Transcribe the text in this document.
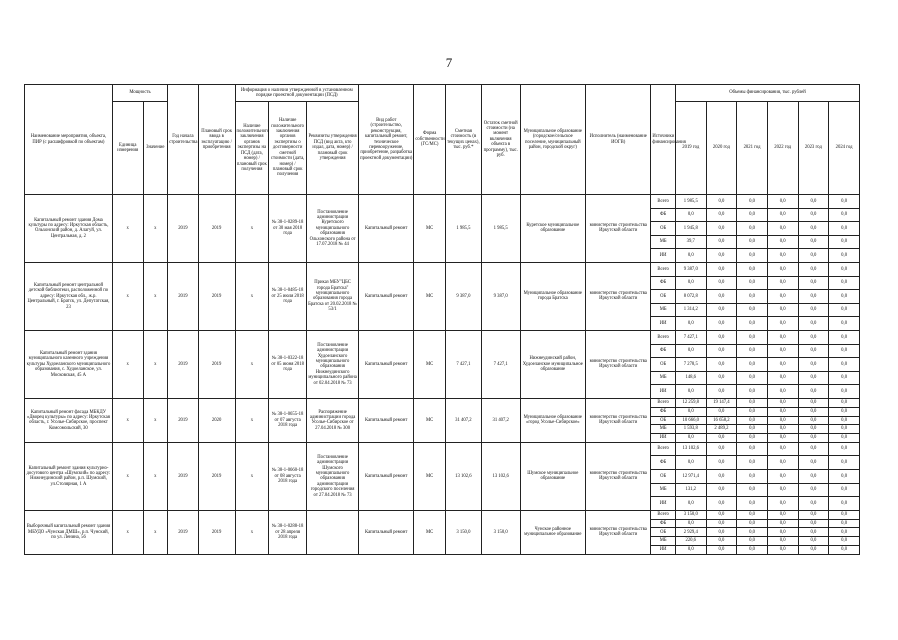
7
Наименование мероприятия, объекта, ПИР (с расшифровкой по объектам)	Мощность		Год начала строительства	Плановый срок ввода в эксплуатацию / приобретения	Информация о наличии утвержденной в установленном порядке проектной документации (ПСД)			Вид работ (строительство, реконструкция, капитальный ремонт, техническое перевооружение, приобретение, разработка проектной документации)	Форма собственности (ГС/МС)	Сметная стоимость (в текущих ценах), тыс. руб.*	Остаток сметной стоимости (на момент включения объекта в программу), тыс. руб.	Муниципальное образование (городское/сельское поселение, муниципальный район, городской округ)	Исполнитель (наименование ИОГВ)	Источники финансирования	Объемы финансирования, тыс. рублей					
	Единица измерения	Значение			Наличие положительного заключения органов экспертизы на ПСД (дата, номер) / плановый срок получения	Наличие положительного заключения органов экспертизы о достоверности сметной стоимости (дата, номер) / плановый срок получения	Реквизиты утверждения ПСД (вид акта, кто издал, дата, номер) / плановый срок утверждения								2019 год	2020 год	2021 год	2022 год	2023 год	2024 год

Капитальный ремонт здания Дома культуры по адресу: Иркутская область, Ольхонский район, д. Алагуй, ул. Центральная, д. 2	х	х	2019	2019	х	№ 38-1-0289-18 от 30 мая 2018 года	Постановление администрации Куретского муниципального образования Ольхонского района от 17.07.2018 № 44	Капитальный ремонт	МС	1 985,5	1 985,5	Куретское муниципальное образование	министерство строительства Иркутской области	Всего	1 985,5	0,0	0,0	0,0	0,0	0,0
														ФБ	0,0	0,0	0,0	0,0	0,0	0,0
														ОБ	1 945,8	0,0	0,0	0,0	0,0	0,0
														МБ	39,7	0,0	0,0	0,0	0,0	0,0
														ИИ	0,0	0,0	0,0	0,0	0,0	0,0
Капитальный ремонт центральной детской библиотеки, расположенной по адресу: Иркутская обл., ж.р. Центральный, г. Братск, ул. Депутатская, 23	х	х	2019	2019	х	№ 38-1-0485-18 от 25 июля 2018 года	Приказ МБУ"ЦБС города Братска" муниципального образования города Братска от 20.02.2018 № 53/1	Капитальный ремонт	МС	9 387,0	9 387,0	Муниципальное образование города Братска	министерство строительства Иркутской области	Всего	9 387,0	0,0	0,0	0,0	0,0	0,0
														ФБ	0,0	0,0	0,0	0,0	0,0	0,0
														ОБ	8 072,8	0,0	0,0	0,0	0,0	0,0
														МБ	1 314,2	0,0	0,0	0,0	0,0	0,0
														ИИ	0,0	0,0	0,0	0,0	0,0	0,0
Капитальный ремонт здания муниципального казенного учреждения культуры Худоеланского муниципального образования, с. Худоеланское, ул. Московская, 45 А	х	х	2019	2019	х	№ 38-1-0322-18 от 05 июня 2018 года	Постановление администрации Худоеланского муниципального образования Нижнеудинского муниципального района от 02.04.2018 № 73	Капитальный ремонт	МС	7 427,1	7 427,1	Нижнеудинский район, Худоеланское муниципальное образование	министерство строительства Иркутской области	Всего	7 427,1	0,0	0,0	0,0	0,0	0,0
														ФБ	0,0	0,0	0,0	0,0	0,0	0,0
														ОБ	7 278,5	0,0	0,0	0,0	0,0	0,0
														МБ	148,6	0,0	0,0	0,0	0,0	0,0
														ИИ	0,0	0,0	0,0	0,0	0,0	0,0
Капитальный ремонт фасада МБКДУ «Дворец культуры» по адресу: Иркутская область, г. Усолье-Сибирское, проспект Комсомольский, 30	х	х	2019	2020	х	№ 38-1-0655-18 от 07 августа 2018 года	Распоряжение администрации города Усолье-Сибирское от 27.04.2018 № 300	Капитальный ремонт	МС	31 407,2	31 407,2	Муниципальное образование «город Усолье-Сибирское»	министерство строительства Иркутской области	Всего	12 259,8	19 147,4	0,0	0,0	0,0	0,0
														ФБ	0,0	0,0	0,0	0,0	0,0	0,0
														ОБ	10 666,0	16 658,2	0,0	0,0	0,0	0,0
														МБ	1 593,8	2 489,2	0,0	0,0	0,0	0,0
														ИИ	0,0	0,0	0,0	0,0	0,0	0,0
Капитальный ремонт здания культурно-досугового центра «Шумский» по адресу: Нижнеудинский район, р.п. Шумский, ул.Столярная, 1 А	х	х	2019	2019	х	№ 38-1-0660-18 от 08 августа 2018 года	Постановление администрации Шумского муниципального образования администрации городского поселения от 27.04.2018 № 73	Капитальный ремонт	МС	13 102,6	13 102,6	Шумское муниципальное образование	министерство строительства Иркутской области	Всего	13 102,6	0,0	0,0	0,0	0,0	0,0
														ФБ	0,0	0,0	0,0	0,0	0,0	0,0
														ОБ	12 971,4	0,0	0,0	0,0	0,0	0,0
														МБ	131,2	0,0	0,0	0,0	0,0	0,0
														ИИ	0,0	0,0	0,0	0,0	0,0	0,0
Выборочный капитальный ремонт здания МБУДО «Чунская ДМШ», р.п. Чунский, по ул. Ленина, 56	х	х	2019	2019	х	№ 38-1-0288-18 от 28 апреля 2018 года		Капитальный ремонт	МС	3 150,0	3 150,0	Чунское районное муниципальное образование	министерство строительства Иркутской области	Всего	3 150,0	0,0	0,0	0,0	0,0	0,0
														ФБ	0,0	0,0	0,0	0,0	0,0	0,0
														ОБ	2 929,4	0,0	0,0	0,0	0,0	0,0
														МБ	220,6	0,0	0,0	0,0	0,0	0,0
														ИИ	0,0	0,0	0,0	0,0	0,0	0,0
